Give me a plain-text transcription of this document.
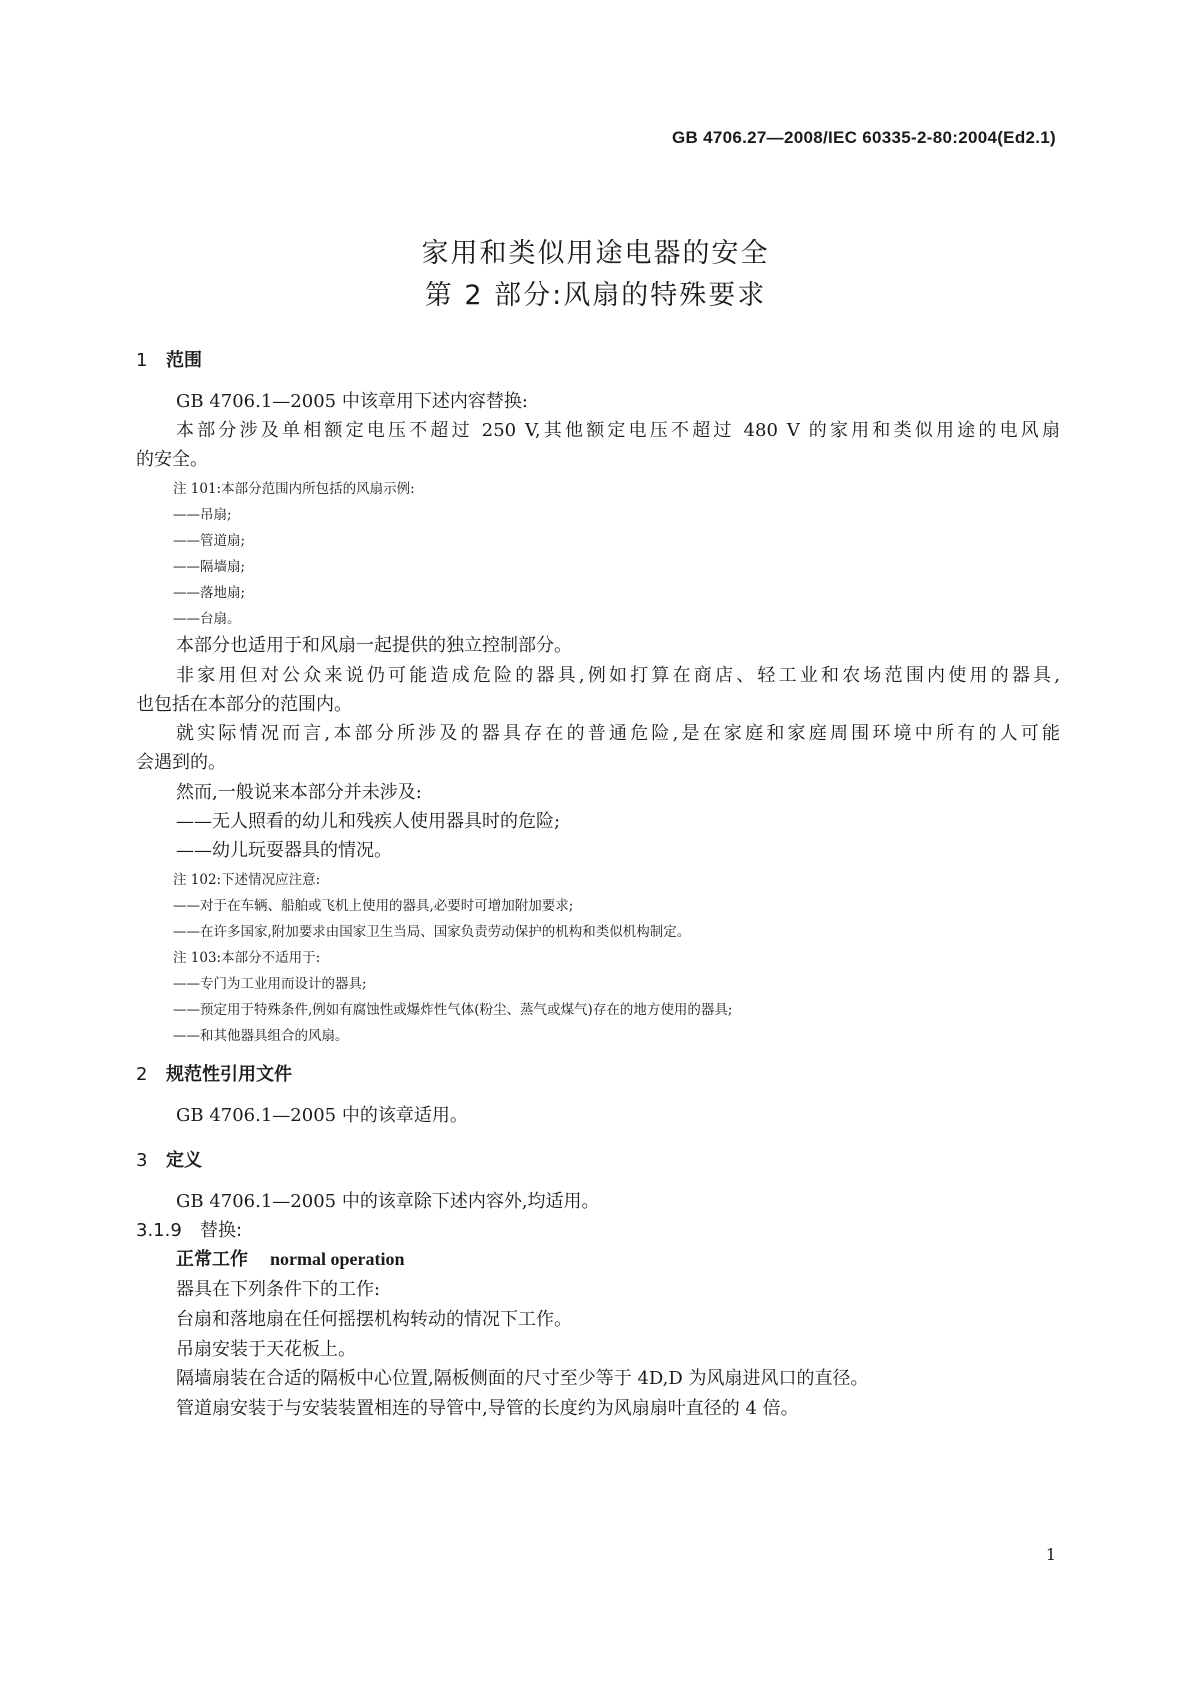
GB 4706.27—2008/IEC 60335-2-80:2004(Ed2.1)
家用和类似用途电器的安全
第 2 部分:风扇的特殊要求
1 范围
GB 4706.1—2005 中该章用下述内容替换:
本部分涉及单相额定电压不超过 250 V,其他额定电压不超过 480 V 的家用和类似用途的电风扇
的安全。
注 101:本部分范围内所包括的风扇示例:
——吊扇;
——管道扇;
——隔墙扇;
——落地扇;
——台扇。
本部分也适用于和风扇一起提供的独立控制部分。
非家用但对公众来说仍可能造成危险的器具,例如打算在商店、轻工业和农场范围内使用的器具,
也包括在本部分的范围内。
就实际情况而言,本部分所涉及的器具存在的普通危险,是在家庭和家庭周围环境中所有的人可能
会遇到的。
然而,一般说来本部分并未涉及:
——无人照看的幼儿和残疾人使用器具时的危险;
——幼儿玩耍器具的情况。
注 102:下述情况应注意:
——对于在车辆、船舶或飞机上使用的器具,必要时可增加附加要求;
——在许多国家,附加要求由国家卫生当局、国家负责劳动保护的机构和类似机构制定。
注 103:本部分不适用于:
——专门为工业用而设计的器具;
——预定用于特殊条件,例如有腐蚀性或爆炸性气体(粉尘、蒸气或煤气)存在的地方使用的器具;
——和其他器具组合的风扇。
2 规范性引用文件
GB 4706.1—2005 中的该章适用。
3 定义
GB 4706.1—2005 中的该章除下述内容外,均适用。
3.1.9 替换:
正常工作 normal operation
器具在下列条件下的工作:
台扇和落地扇在任何摇摆机构转动的情况下工作。
吊扇安装于天花板上。
隔墙扇装在合适的隔板中心位置,隔板侧面的尺寸至少等于 4D,D 为风扇进风口的直径。
管道扇安装于与安装装置相连的导管中,导管的长度约为风扇扇叶直径的 4 倍。
1
